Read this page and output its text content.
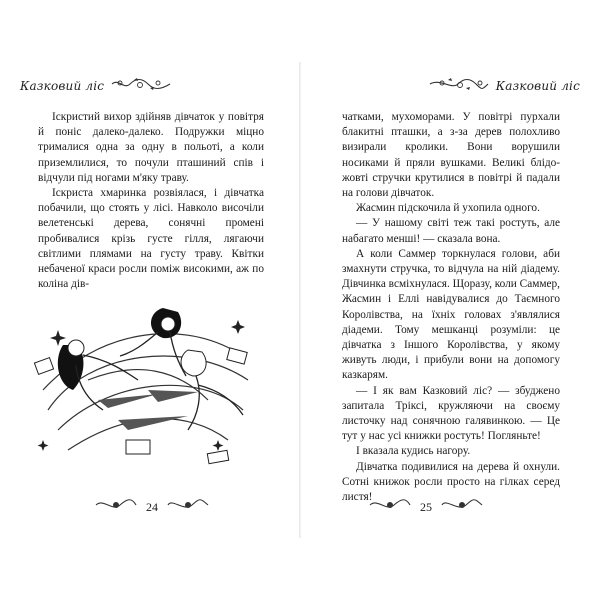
Казковий ліс

Іскристий вихор здійняв дівчаток у повітря й поніс далеко-далеко. Подружки міцно трималися одна за одну в польоті, а коли приземлилися, то почули пташиний спів і відчули під ногами м'яку траву.

Іскриста хмаринка розвіялася, і дівчатка побачили, що стоять у лісі. Навколо височіли велетенські дерева, сонячні промені пробивалися крізь густе гілля, лягаючи світлими плямами на густу траву. Квітки небаченої краси росли поміж високими, аж по коліна дів-

24
Казковий ліс

чатками, мухоморами. У повітрі пурхали блакитні пташки, а з-за дерев полохливо визирали кролики. Вони ворушили носиками й пряли вушками. Великі блідо-жовті стручки крутилися в повітрі й падали на голови дівчаток.

Жасмин підскочила й ухопила одного.

— У нашому світі теж такі ростуть, але набагато менші! — сказала вона.

А коли Саммер торкнулася голови, аби змахнути стручка, то відчула на ній діадему. Дівчинка всміхнулася. Щоразу, коли Саммер, Жасмин і Еллі навідувалися до Таємного Королівства, на їхніх головах з'являлися діадеми. Тому мешканці розуміли: це дівчатка з Іншого Королівства, у якому живуть люди, і прибули вони на допомогу казкарям.

— І як вам Казковий ліс? — збуджено запитала Тріксі, кружляючи на своєму листочку над сонячною галявинкою. — Це тут у нас усі книжки ростуть! Погляньте!

І вказала кудись нагору.

Дівчатка подивилися на дерева й охнули. Сотні книжок росли просто на гілках серед листя!

25
